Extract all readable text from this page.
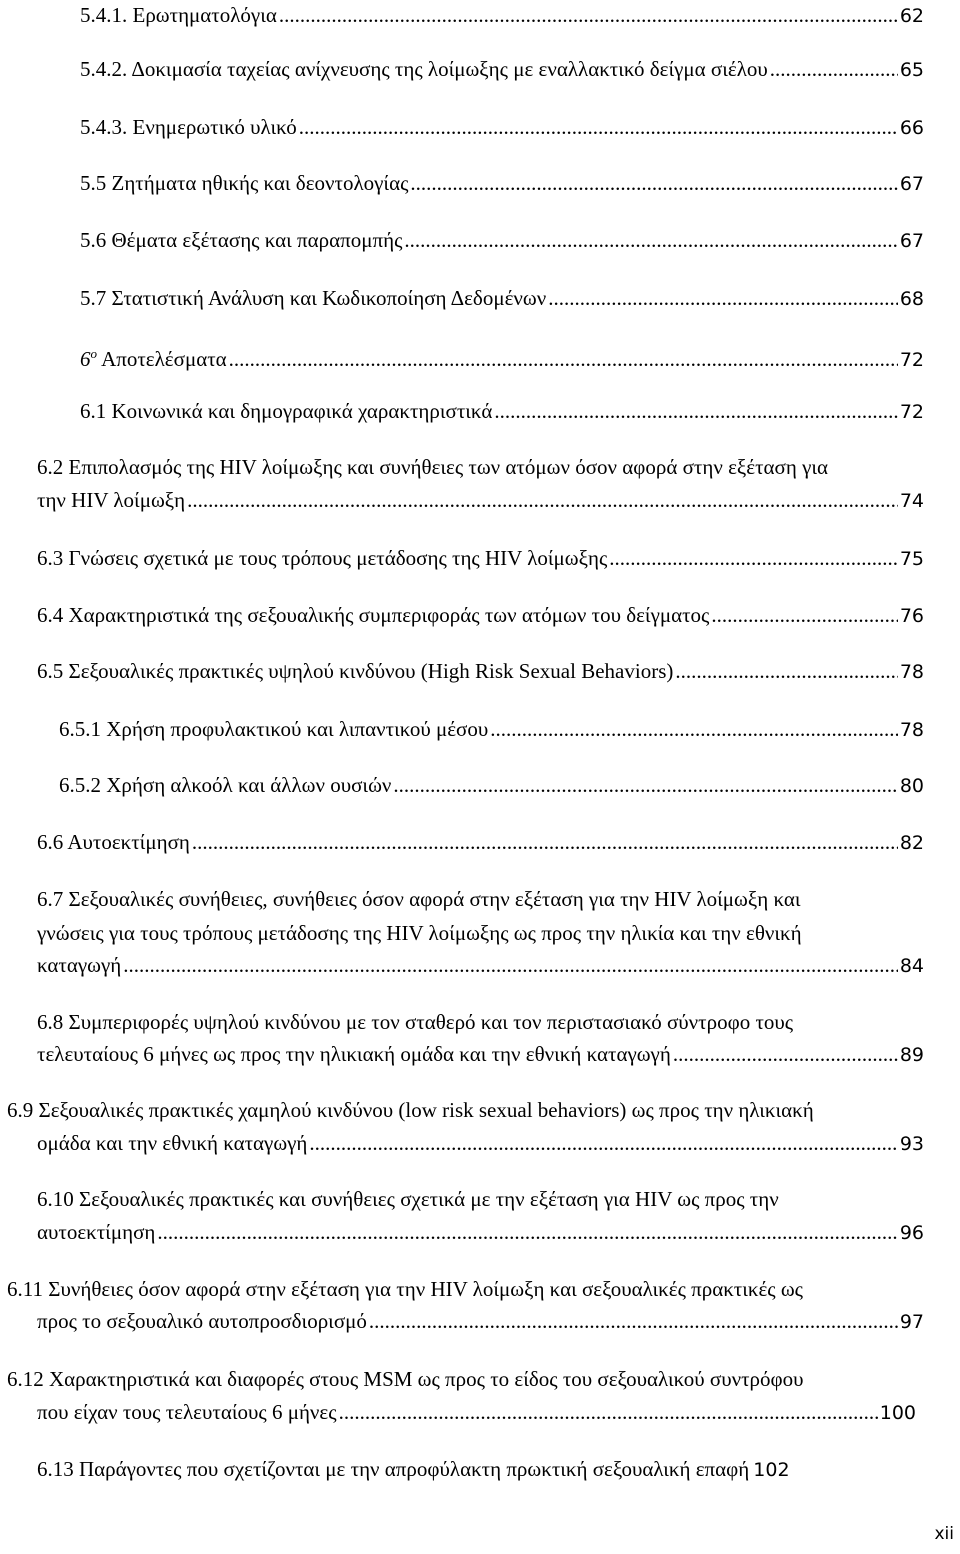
5.4.1. Ερωτηματολόγια .....	62
5.4.2. Δοκιμασία ταχείας ανίχνευσης της λοίμωξης με εναλλακτικό δείγμα σιέλου .....	65
5.4.3. Ενημερωτικό υλικό .....	66
5.5 Ζητήματα ηθικής και δεοντολογίας .....	67
5.6 Θέματα εξέτασης και παραπομπής .....	67
5.7 Στατιστική Ανάλυση και Κωδικοποίηση Δεδομένων .....	68
$6^o$ Αποτελέσματα .....	72
6.1 Κοινωνικά και δημογραφικά χαρακτηριστικά .....	72
6.2 Επιπολασμός της HIV λοίμωξης και συνήθειες των ατόμων όσον αφορά στην εξέταση για
την HIV λοίμωξη .....	74
6.3 Γνώσεις σχετικά με τους τρόπους μετάδοσης της HIV λοίμωξης .....	75
6.4 Χαρακτηριστικά της σεξουαλικής συμπεριφοράς των ατόμων του δείγματος .....	76
6.5 Σεξουαλικές πρακτικές υψηλού κινδύνου (High Risk Sexual Behaviors) .....	78
6.5.1 Χρήση προφυλακτικού και λιπαντικού μέσου .....	78
6.5.2 Χρήση αλκοόλ και άλλων ουσιών .....	80
6.6 Αυτοεκτίμηση .....	82
6.7 Σεξουαλικές συνήθειες, συνήθειες όσον αφορά στην εξέταση για την HIV λοίμωξη και
γνώσεις για τους τρόπους μετάδοσης της HIV λοίμωξης ως προς την ηλικία και την εθνική
καταγωγή .....	84
6.8 Συμπεριφορές υψηλού κινδύνου με τον σταθερό και τον περιστασιακό σύντροφο τους
τελευταίους 6 μήνες ως προς την ηλικιακή ομάδα και την εθνική καταγωγή .....	89
6.9 Σεξουαλικές πρακτικές χαμηλού κινδύνου (low risk sexual behaviors) ως προς την ηλικιακή
ομάδα και την εθνική καταγωγή .....	93
6.10 Σεξουαλικές πρακτικές και συνήθειες σχετικά με την εξέταση για HIV ως προς την
αυτοεκτίμηση .....	96
6.11 Συνήθειες όσον αφορά στην εξέταση για την HIV λοίμωξη και σεξουαλικές πρακτικές ως
προς το σεξουαλικό αυτοπροσδιορισμό .....	97
6.12 Χαρακτηριστικά και διαφορές στους MSM ως προς το είδος του σεξουαλικού συντρόφου
που είχαν τους τελευταίους 6 μήνες .....	100
6.13 Παράγοντες που σχετίζονται με την απροφύλακτη πρωκτική σεξουαλική επαφή 102
xii
